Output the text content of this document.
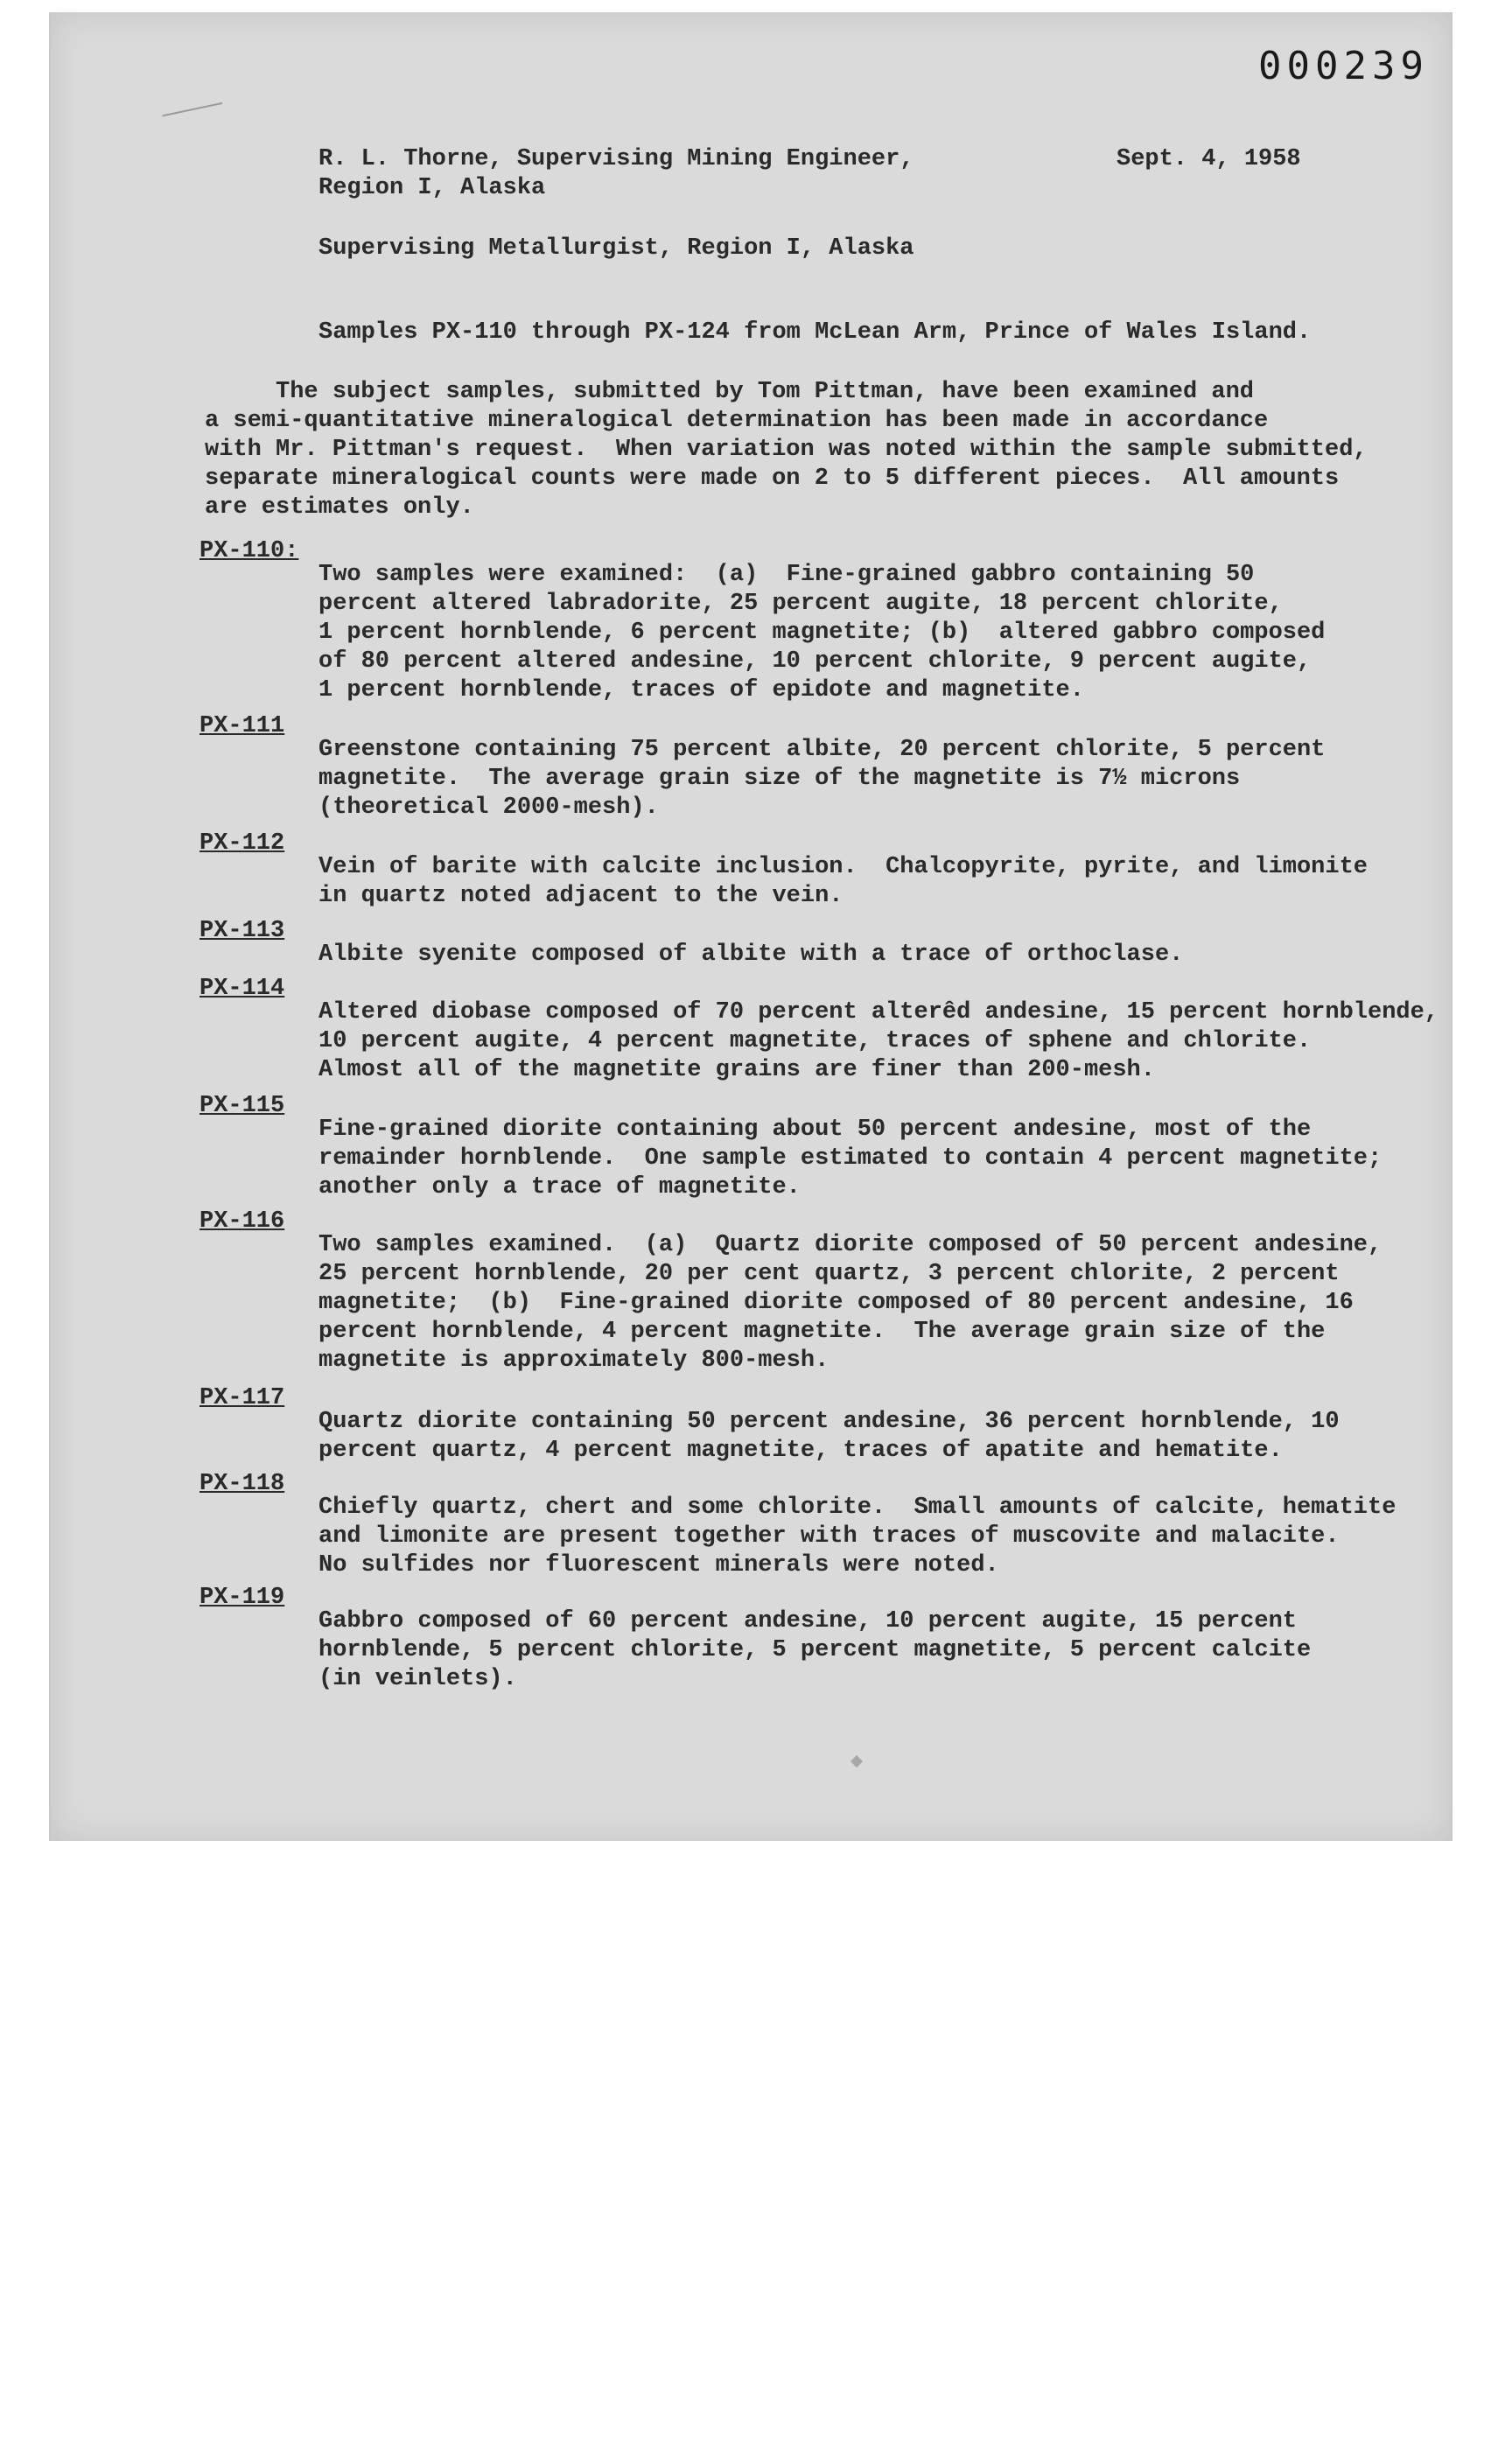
000239
R. L. Thorne, Supervising Mining Engineer,
Region I, Alaska
Sept. 4, 1958
Supervising Metallurgist, Region I, Alaska
Samples PX-110 through PX-124 from McLean Arm, Prince of Wales Island.
The subject samples, submitted by Tom Pittman, have been examined and
a semi-quantitative mineralogical determination has been made in accordance
with Mr. Pittman's request.  When variation was noted within the sample submitted,
separate mineralogical counts were made on 2 to 5 different pieces.  All amounts
are estimates only.
PX-110:
Two samples were examined:  (a)  Fine-grained gabbro containing 50
percent altered labradorite, 25 percent augite, 18 percent chlorite,
1 percent hornblende, 6 percent magnetite; (b)  altered gabbro composed
of 80 percent altered andesine, 10 percent chlorite, 9 percent augite,
1 percent hornblende, traces of epidote and magnetite.
PX-111
Greenstone containing 75 percent albite, 20 percent chlorite, 5 percent
magnetite.  The average grain size of the magnetite is 7½ microns
(theoretical 2000-mesh).
PX-112
Vein of barite with calcite inclusion.  Chalcopyrite, pyrite, and limonite
in quartz noted adjacent to the vein.
PX-113
Albite syenite composed of albite with a trace of orthoclase.
PX-114
Altered diobase composed of 70 percent alterêd andesine, 15 percent hornblende,
10 percent augite, 4 percent magnetite, traces of sphene and chlorite.
Almost all of the magnetite grains are finer than 200-mesh.
PX-115
Fine-grained diorite containing about 50 percent andesine, most of the
remainder hornblende.  One sample estimated to contain 4 percent magnetite;
another only a trace of magnetite.
PX-116
Two samples examined.  (a)  Quartz diorite composed of 50 percent andesine,
25 percent hornblende, 20 per cent quartz, 3 percent chlorite, 2 percent
magnetite;  (b)  Fine-grained diorite composed of 80 percent andesine, 16
percent hornblende, 4 percent magnetite.  The average grain size of the
magnetite is approximately 800-mesh.
PX-117
Quartz diorite containing 50 percent andesine, 36 percent hornblende, 10
percent quartz, 4 percent magnetite, traces of apatite and hematite.
PX-118
Chiefly quartz, chert and some chlorite.  Small amounts of calcite, hematite
and limonite are present together with traces of muscovite and malacite.
No sulfides nor fluorescent minerals were noted.
PX-119
Gabbro composed of 60 percent andesine, 10 percent augite, 15 percent
hornblende, 5 percent chlorite, 5 percent magnetite, 5 percent calcite
(in veinlets).
